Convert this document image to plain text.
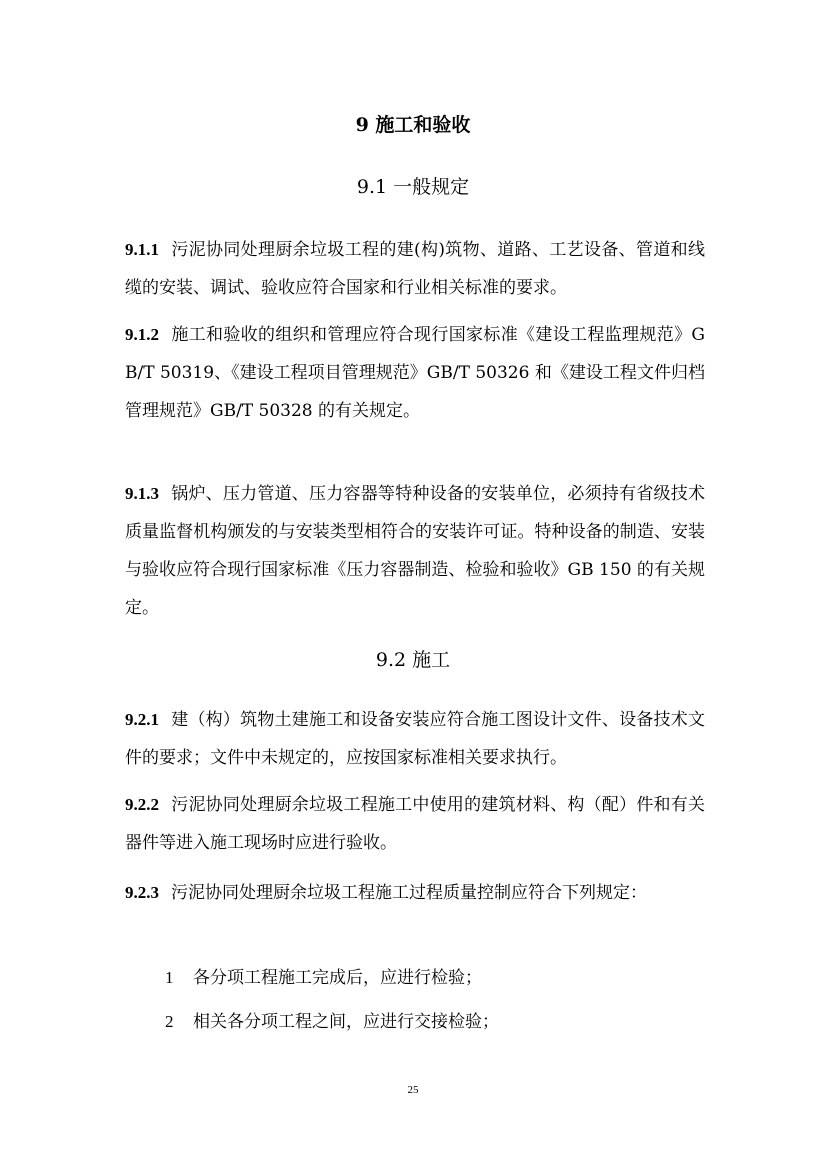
9 施工和验收
9.1 一般规定
9.1.1 污泥协同处理厨余垃圾工程的建(构)筑物、道路、工艺设备、管道和线缆的安装、调试、验收应符合国家和行业相关标准的要求。
9.1.2 施工和验收的组织和管理应符合现行国家标准《建设工程监理规范》GB/T 50319、《建设工程项目管理规范》GB/T 50326 和《建设工程文件归档管理规范》GB/T 50328 的有关规定。
9.1.3 锅炉、压力管道、压力容器等特种设备的安装单位，必须持有省级技术质量监督机构颁发的与安装类型相符合的安装许可证。特种设备的制造、安装与验收应符合现行国家标准《压力容器制造、检验和验收》GB 150 的有关规定。
9.2 施工
9.2.1 建（构）筑物土建施工和设备安装应符合施工图设计文件、设备技术文件的要求；文件中未规定的，应按国家标准相关要求执行。
9.2.2 污泥协同处理厨余垃圾工程施工中使用的建筑材料、构（配）件和有关器件等进入施工现场时应进行验收。
9.2.3 污泥协同处理厨余垃圾工程施工过程质量控制应符合下列规定：
1 各分项工程施工完成后，应进行检验；
2 相关各分项工程之间，应进行交接检验；
25
